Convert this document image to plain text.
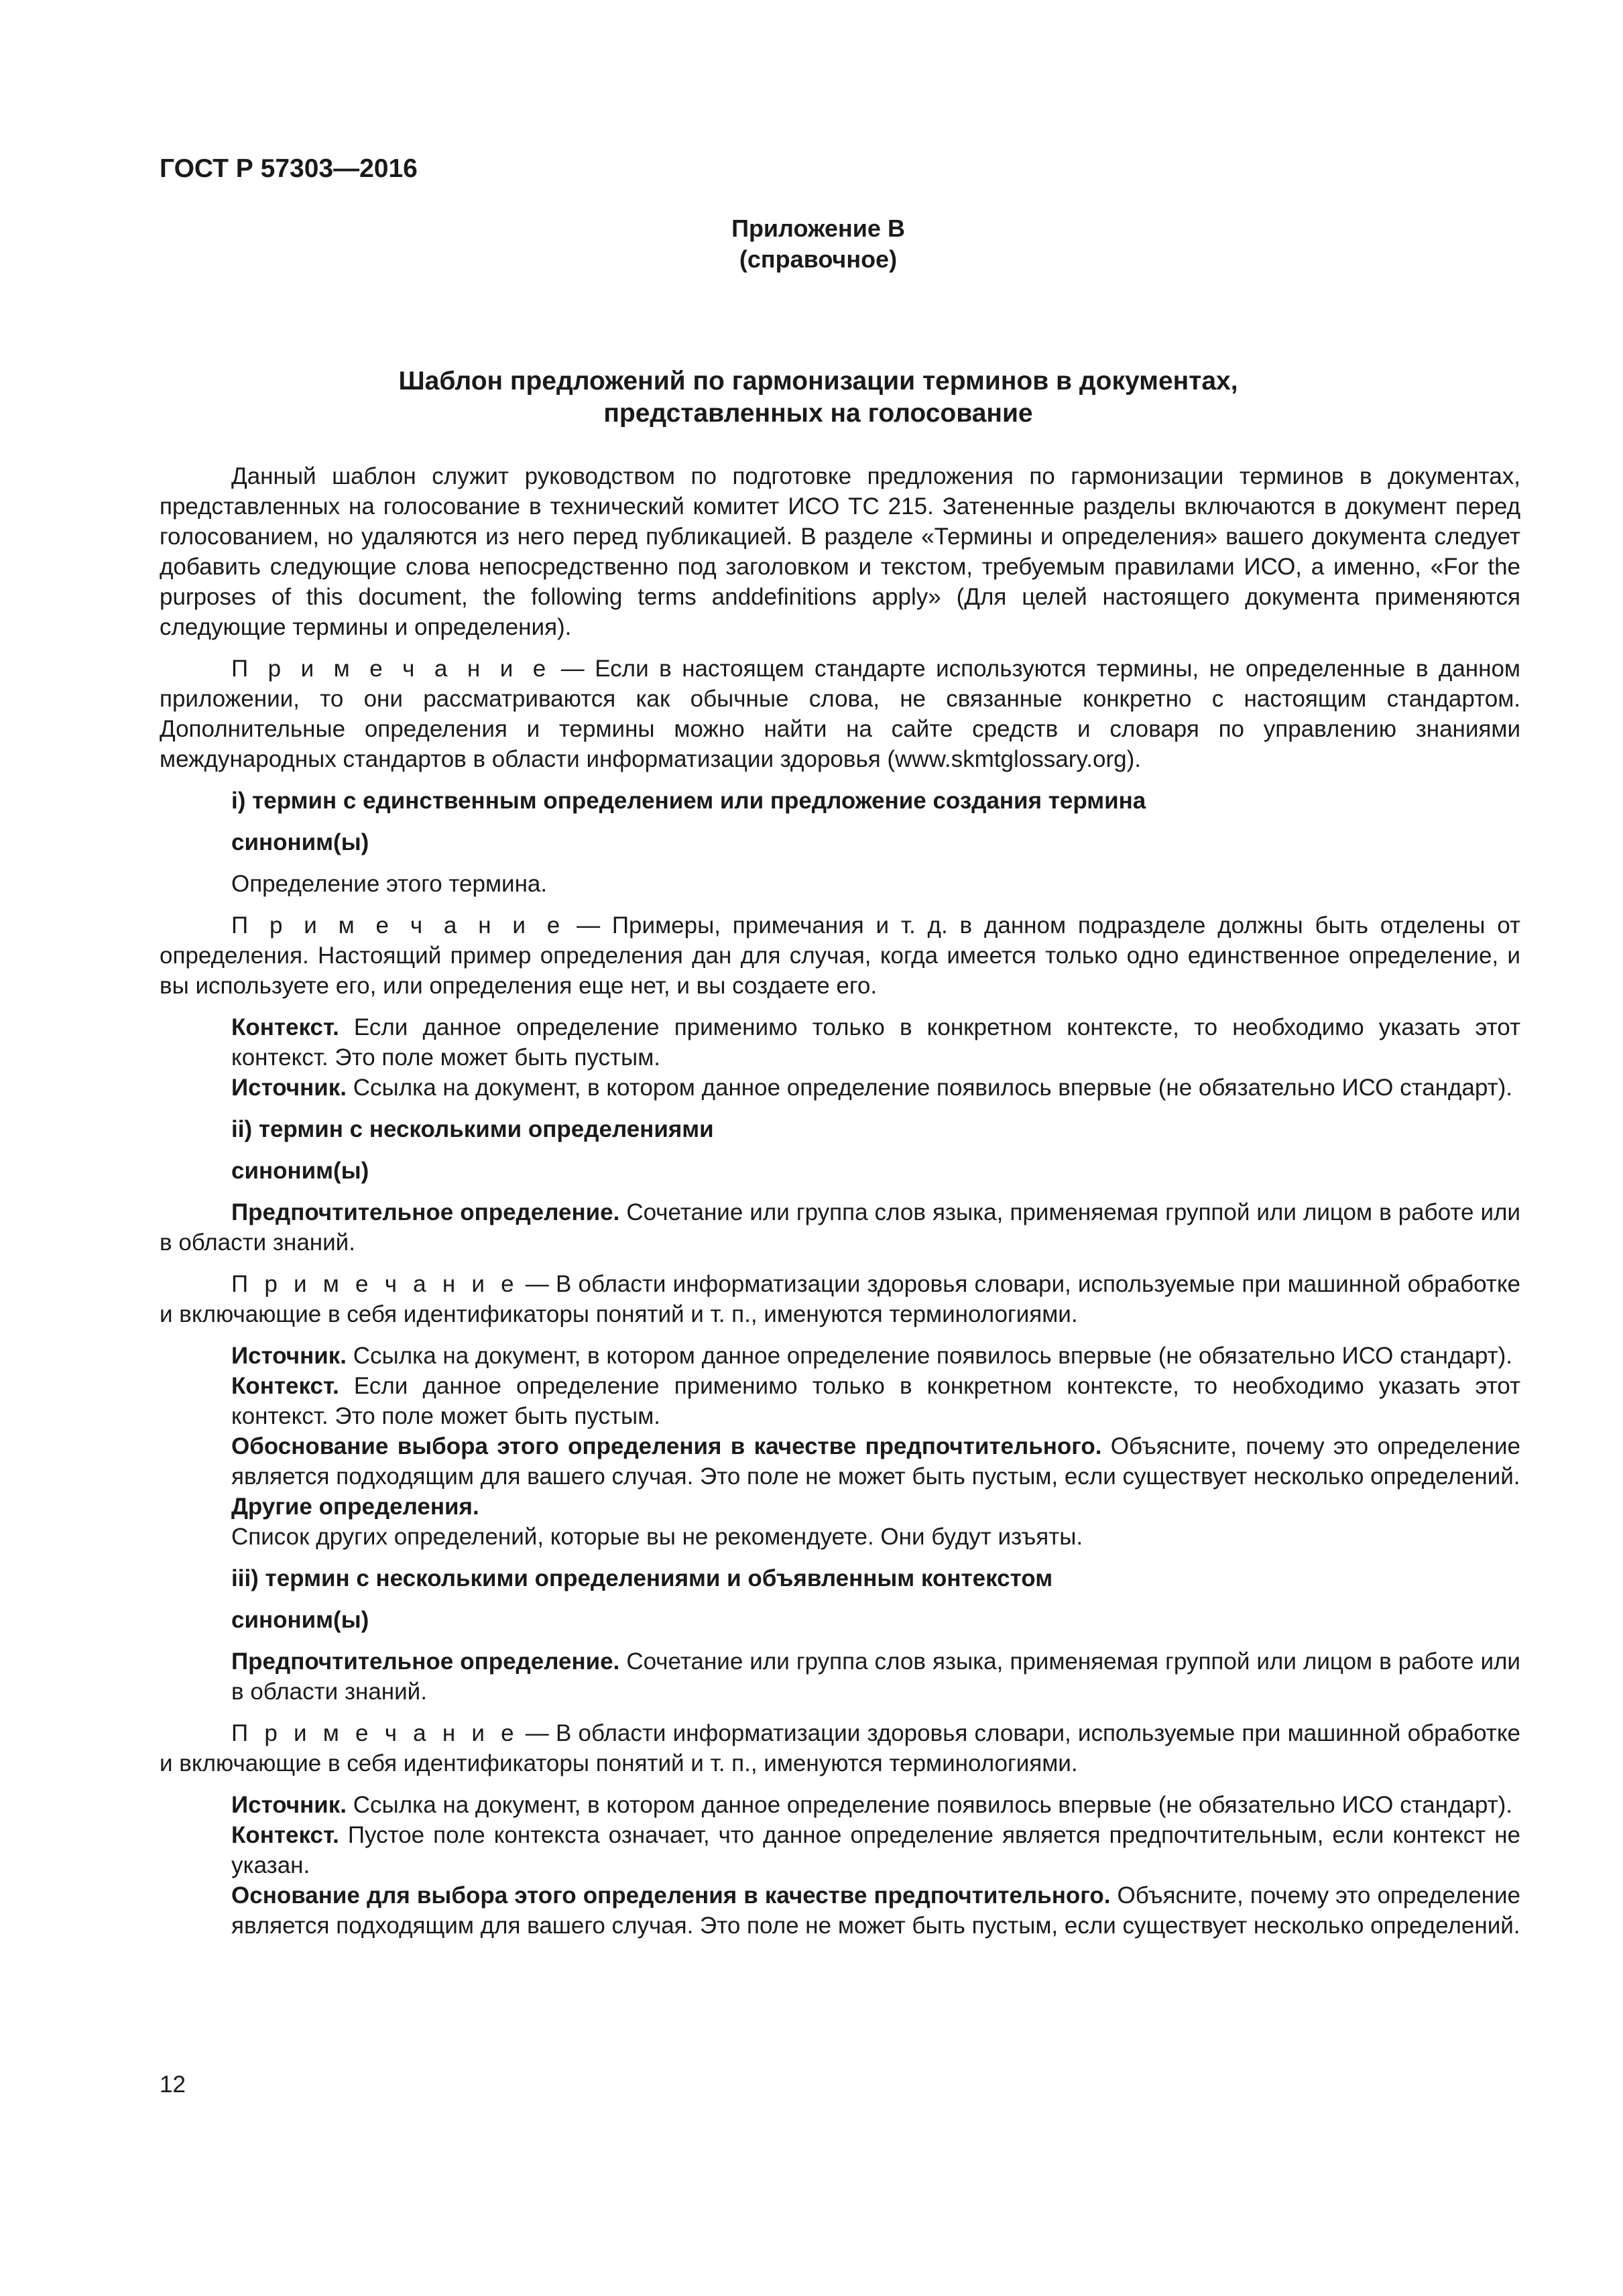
ГОСТ Р 57303—2016
Приложение В
(справочное)
Шаблон предложений по гармонизации терминов в документах,
представленных на голосование

Данный шаблон служит руководством по подготовке предложения по гармонизации терминов в документах, представленных на голосование в технический комитет ИСО ТС 215. Затененные разделы включаются в документ перед голосованием, но удаляются из него перед публикацией. В разделе «Термины и определения» вашего документа следует добавить следующие слова непосредственно под заголовком и текстом, требуемым правилами ИСО, а именно, «For the purposes of this document, the following terms anddefinitions apply» (Для целей настоящего документа применяются следующие термины и определения).

П р и м е ч а н и е — Если в настоящем стандарте используются термины, не определенные в данном приложении, то они рассматриваются как обычные слова, не связанные конкретно с настоящим стандартом. Дополнительные определения и термины можно найти на сайте средств и словаря по управлению знаниями международных стандартов в области информатизации здоровья (www.skmtglossary.org).

i) термин с единственным определением или предложение создания термина

синоним(ы)

Определение этого термина.

П р и м е ч а н и е — Примеры, примечания и т. д. в данном подразделе должны быть отделены от определения. Настоящий пример определения дан для случая, когда имеется только одно единственное определение, и вы используете его, или определения еще нет, и вы создаете его.

Контекст. Если данное определение применимо только в конкретном контексте, то необходимо указать этот контекст. Это поле может быть пустым.

Источник. Ссылка на документ, в котором данное определение появилось впервые (не обязательно ИСО стандарт).

ii) термин с несколькими определениями

синоним(ы)

Предпочтительное определение. Сочетание или группа слов языка, применяемая группой или лицом в работе или в области знаний.

П р и м е ч а н и е — В области информатизации здоровья словари, используемые при машинной обработке и включающие в себя идентификаторы понятий и т. п., именуются терминологиями.

Источник. Ссылка на документ, в котором данное определение появилось впервые (не обязательно ИСО стандарт).

Контекст. Если данное определение применимо только в конкретном контексте, то необходимо указать этот контекст. Это поле может быть пустым.

Обоснование выбора этого определения в качестве предпочтительного. Объясните, почему это определение является подходящим для вашего случая. Это поле не может быть пустым, если существует несколько определений.

Другие определения.

Список других определений, которые вы не рекомендуете. Они будут изъяты.

iii) термин с несколькими определениями и объявленным контекстом

синоним(ы)

Предпочтительное определение. Сочетание или группа слов языка, применяемая группой или лицом в работе или в области знаний.

П р и м е ч а н и е — В области информатизации здоровья словари, используемые при машинной обработке и включающие в себя идентификаторы понятий и т. п., именуются терминологиями.

Источник. Ссылка на документ, в котором данное определение появилось впервые (не обязательно ИСО стандарт).

Контекст. Пустое поле контекста означает, что данное определение является предпочтительным, если контекст не указан.

Основание для выбора этого определения в качестве предпочтительного. Объясните, почему это определение является подходящим для вашего случая. Это поле не может быть пустым, если существует несколько определений.

12
